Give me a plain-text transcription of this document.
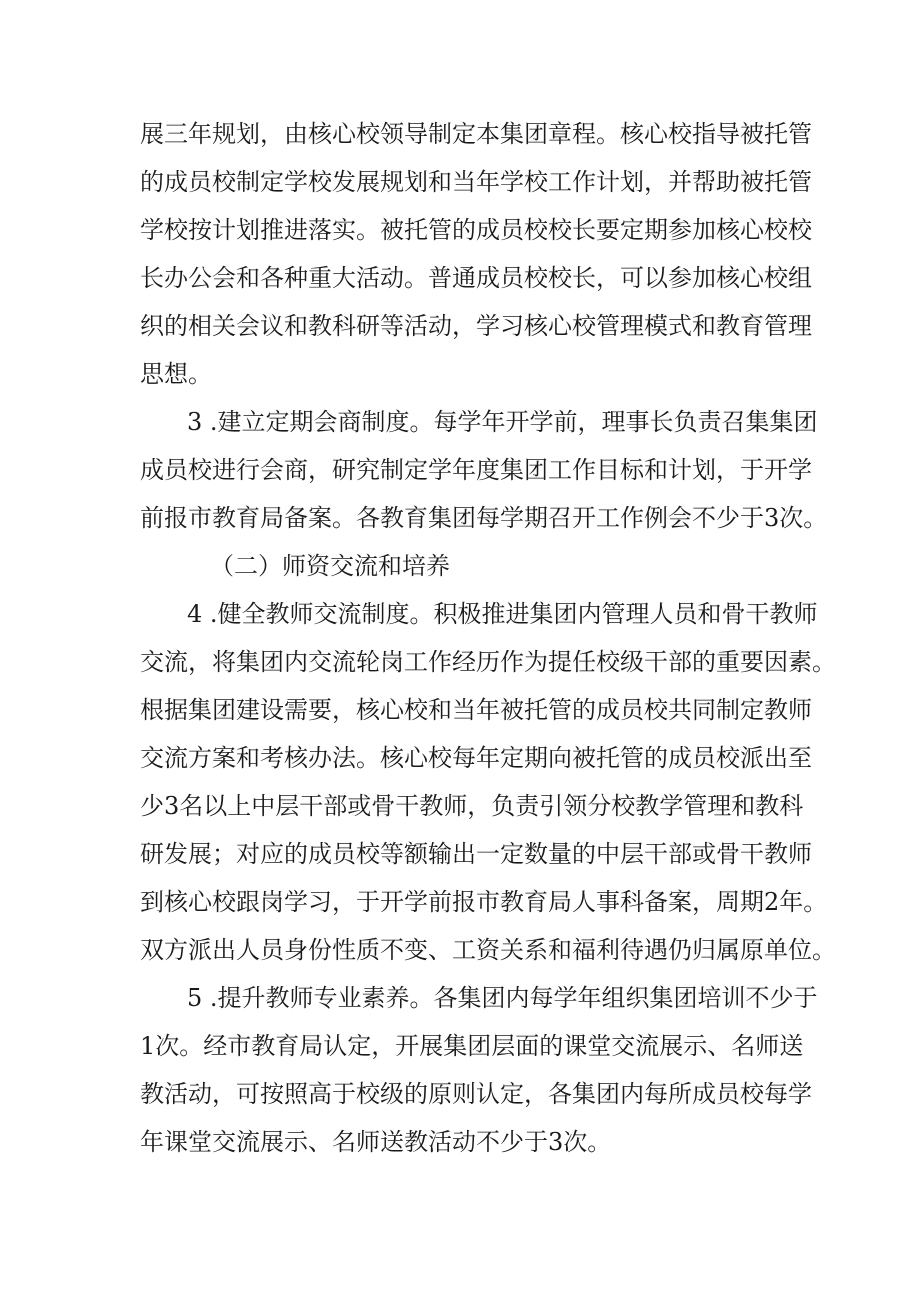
展三年规划，由核心校领导制定本集团章程。核心校指导被托管
的成员校制定学校发展规划和当年学校工作计划，并帮助被托管
学校按计划推进落实。被托管的成员校校长要定期参加核心校校
长办公会和各种重大活动。普通成员校校长，可以参加核心校组
织的相关会议和教科研等活动，学习核心校管理模式和教育管理
思想。
3 .建立定期会商制度。每学年开学前，理事长负责召集集团
成员校进行会商，研究制定学年度集团工作目标和计划，于开学
前报市教育局备案。各教育集团每学期召开工作例会不少于3次。
（二）师资交流和培养
4 .健全教师交流制度。积极推进集团内管理人员和骨干教师
交流，将集团内交流轮岗工作经历作为提任校级干部的重要因素。
根据集团建设需要，核心校和当年被托管的成员校共同制定教师
交流方案和考核办法。核心校每年定期向被托管的成员校派出至
少3名以上中层干部或骨干教师，负责引领分校教学管理和教科
研发展；对应的成员校等额输出一定数量的中层干部或骨干教师
到核心校跟岗学习，于开学前报市教育局人事科备案，周期2年。
双方派出人员身份性质不变、工资关系和福利待遇仍归属原单位。
5 .提升教师专业素养。各集团内每学年组织集团培训不少于
1次。经市教育局认定，开展集团层面的课堂交流展示、名师送
教活动，可按照高于校级的原则认定，各集团内每所成员校每学
年课堂交流展示、名师送教活动不少于3次。
